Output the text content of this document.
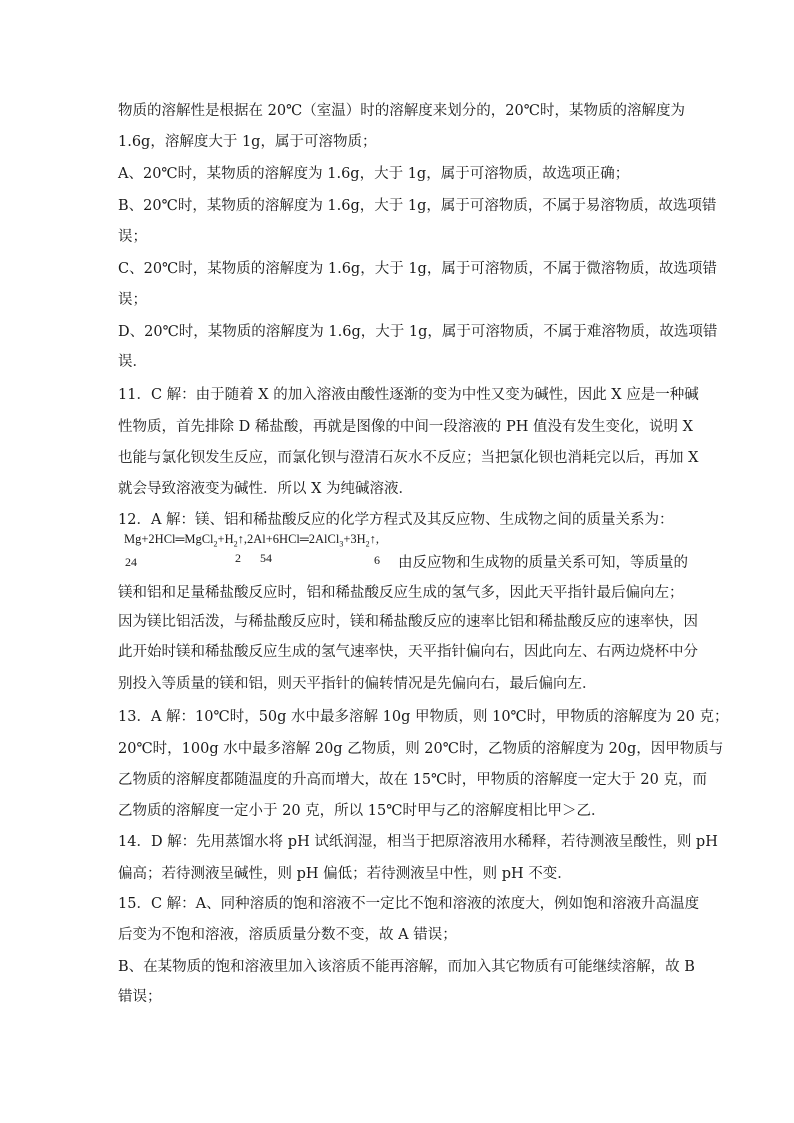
物质的溶解性是根据在 20℃（室温）时的溶解度来划分的，20℃时，某物质的溶解度为
1.6g，溶解度大于 1g，属于可溶物质；
A、20℃时，某物质的溶解度为 1.6g，大于 1g，属于可溶物质，故选项正确；
B、20℃时，某物质的溶解度为 1.6g，大于 1g，属于可溶物质，不属于易溶物质，故选项错
误；
C、20℃时，某物质的溶解度为 1.6g，大于 1g，属于可溶物质，不属于微溶物质，故选项错
误；
D、20℃时，某物质的溶解度为 1.6g，大于 1g，属于可溶物质，不属于难溶物质，故选项错
误．
11．C 解：由于随着 X 的加入溶液由酸性逐渐的变为中性又变为碱性，因此 X 应是一种碱
性物质，首先排除 D 稀盐酸，再就是图像的中间一段溶液的 PH 值没有发生变化，说明 X
也能与氯化钡发生反应，而氯化钡与澄清石灰水不反应；当把氯化钡也消耗完以后，再加 X
就会导致溶液变为碱性．所以 X 为纯碱溶液．
12．A 解：镁、铝和稀盐酸反应的化学方程式及其反应物、生成物之间的质量关系为：
$Mg+2HCl═MgCl_2+H_2↑,2Al+6HCl═2AlCl_3+3H_2↑$,
24	2 54	6 由反应物和生成物的质量关系可知，等质量的
镁和铝和足量稀盐酸反应时，铝和稀盐酸反应生成的氢气多，因此天平指针最后偏向左；
因为镁比铝活泼，与稀盐酸反应时，镁和稀盐酸反应的速率比铝和稀盐酸反应的速率快，因
此开始时镁和稀盐酸反应生成的氢气速率快，天平指针偏向右，因此向左、右两边烧杯中分
别投入等质量的镁和铝，则天平指针的偏转情况是先偏向右，最后偏向左．
13．A 解：10℃时，50g 水中最多溶解 10g 甲物质，则 10℃时，甲物质的溶解度为 20 克；
20℃时，100g 水中最多溶解 20g 乙物质，则 20℃时，乙物质的溶解度为 20g，因甲物质与
乙物质的溶解度都随温度的升高而增大，故在 15℃时，甲物质的溶解度一定大于 20 克，而
乙物质的溶解度一定小于 20 克，所以 15℃时甲与乙的溶解度相比甲＞乙．
14．D 解：先用蒸馏水将 pH 试纸润湿，相当于把原溶液用水稀释，若待测液呈酸性，则 pH
偏高；若待测液呈碱性，则 pH 偏低；若待测液呈中性，则 pH 不变．
15．C 解：A、同种溶质的饱和溶液不一定比不饱和溶液的浓度大，例如饱和溶液升高温度
后变为不饱和溶液，溶质质量分数不变，故 A 错误；
B、在某物质的饱和溶液里加入该溶质不能再溶解，而加入其它物质有可能继续溶解，故 B
错误；
